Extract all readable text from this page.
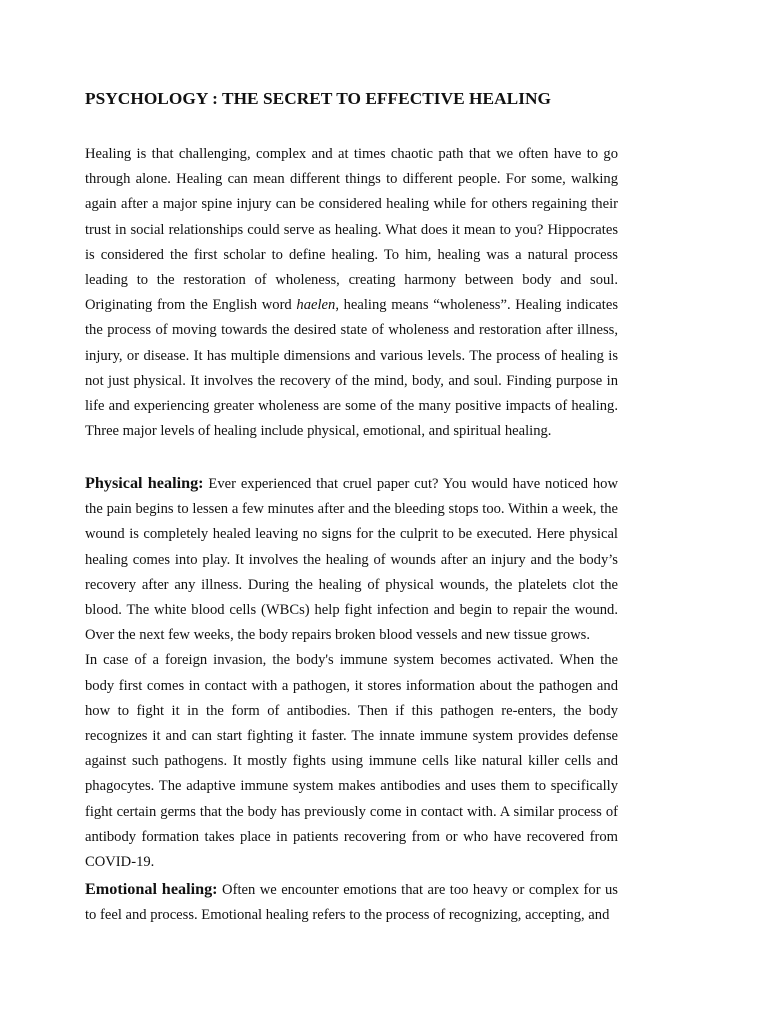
PSYCHOLOGY : THE SECRET TO EFFECTIVE HEALING

Healing is that challenging, complex and at times chaotic path that we often have to go through alone. Healing can mean different things to different people. For some, walking again after a major spine injury can be considered healing while for others regaining their trust in social relationships could serve as healing. What does it mean to you? Hippocrates is considered the first scholar to define healing. To him, healing was a natural process leading to the restoration of wholeness, creating harmony between body and soul. Originating from the English word haelen, healing means “wholeness”. Healing indicates the process of moving towards the desired state of wholeness and restoration after illness, injury, or disease. It has multiple dimensions and various levels. The process of healing is not just physical. It involves the recovery of the mind, body, and soul. Finding purpose in life and experiencing greater wholeness are some of the many positive impacts of healing. Three major levels of healing include physical, emotional, and spiritual healing.

Physical healing: Ever experienced that cruel paper cut? You would have noticed how the pain begins to lessen a few minutes after and the bleeding stops too. Within a week, the wound is completely healed leaving no signs for the culprit to be executed. Here physical healing comes into play. It involves the healing of wounds after an injury and the body’s recovery after any illness. During the healing of physical wounds, the platelets clot the blood. The white blood cells (WBCs) help fight infection and begin to repair the wound. Over the next few weeks, the body repairs broken blood vessels and new tissue grows.

In case of a foreign invasion, the body's immune system becomes activated. When the body first comes in contact with a pathogen, it stores information about the pathogen and how to fight it in the form of antibodies. Then if this pathogen re-enters, the body recognizes it and can start fighting it faster. The innate immune system provides defense against such pathogens. It mostly fights using immune cells like natural killer cells and phagocytes. The adaptive immune system makes antibodies and uses them to specifically fight certain germs that the body has previously come in contact with. A similar process of antibody formation takes place in patients recovering from or who have recovered from COVID-19.

Emotional healing: Often we encounter emotions that are too heavy or complex for us to feel and process. Emotional healing refers to the process of recognizing, accepting, and
